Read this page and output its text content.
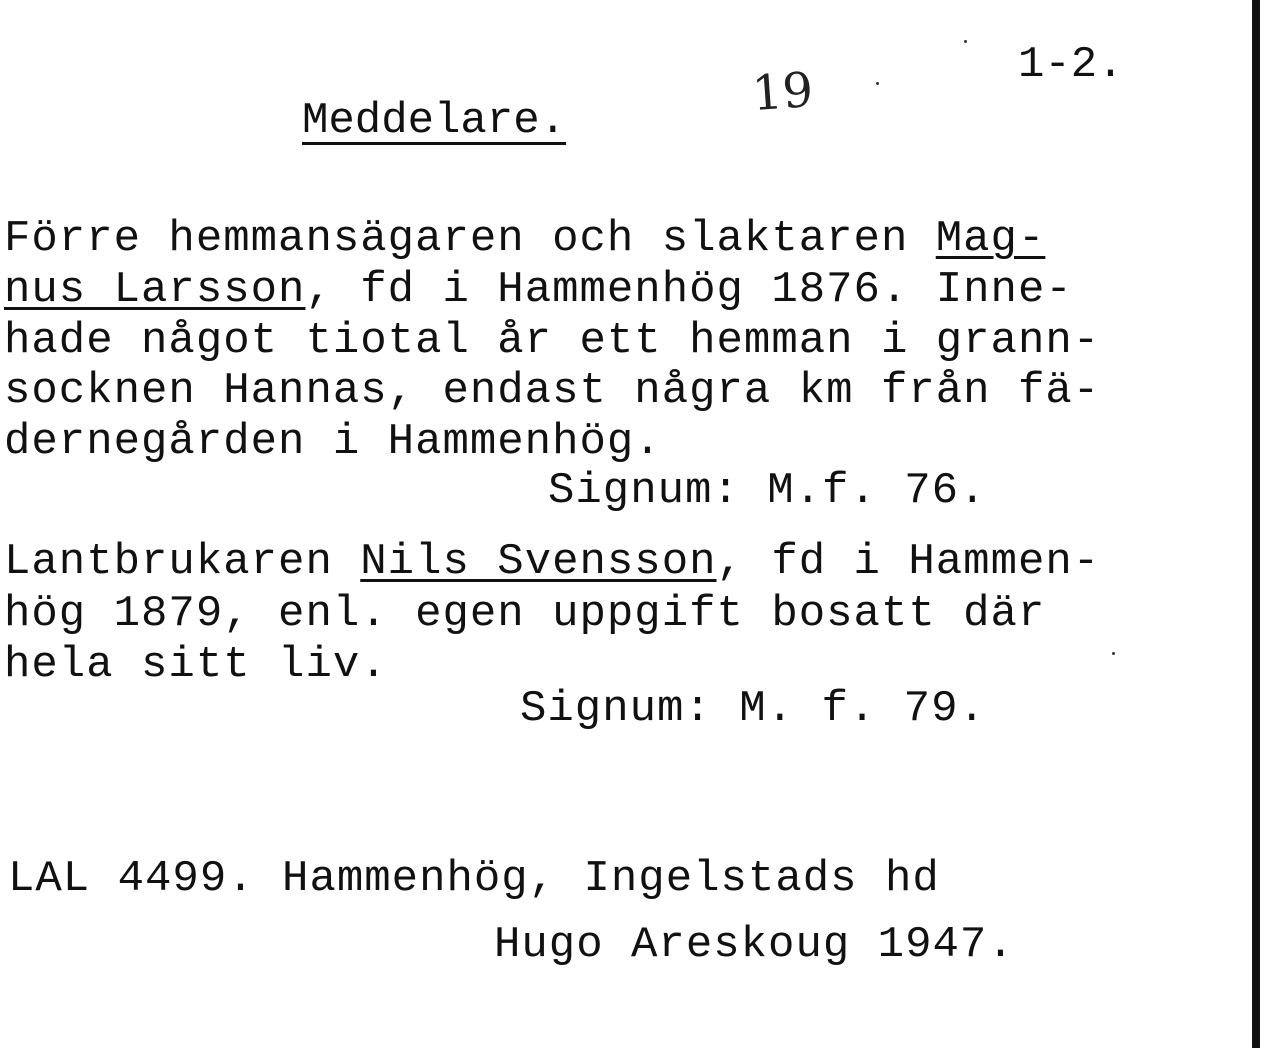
1-2.
19
Meddelare.
Förre hemmansägaren och slaktaren Mag-
nus Larsson, fd i Hammenhög 1876. Inne-
hade något tiotal år ett hemman i grann-
socknen Hannas, endast några km från fä-
dernegården i Hammenhög.
Signum: M.f. 76.
Lantbrukaren Nils Svensson, fd i Hammen-
hög 1879, enl. egen uppgift bosatt där
hela sitt liv.
Signum: M. f. 79.
LAL 4499. Hammenhög, Ingelstads hd
Hugo Areskoug 1947.
